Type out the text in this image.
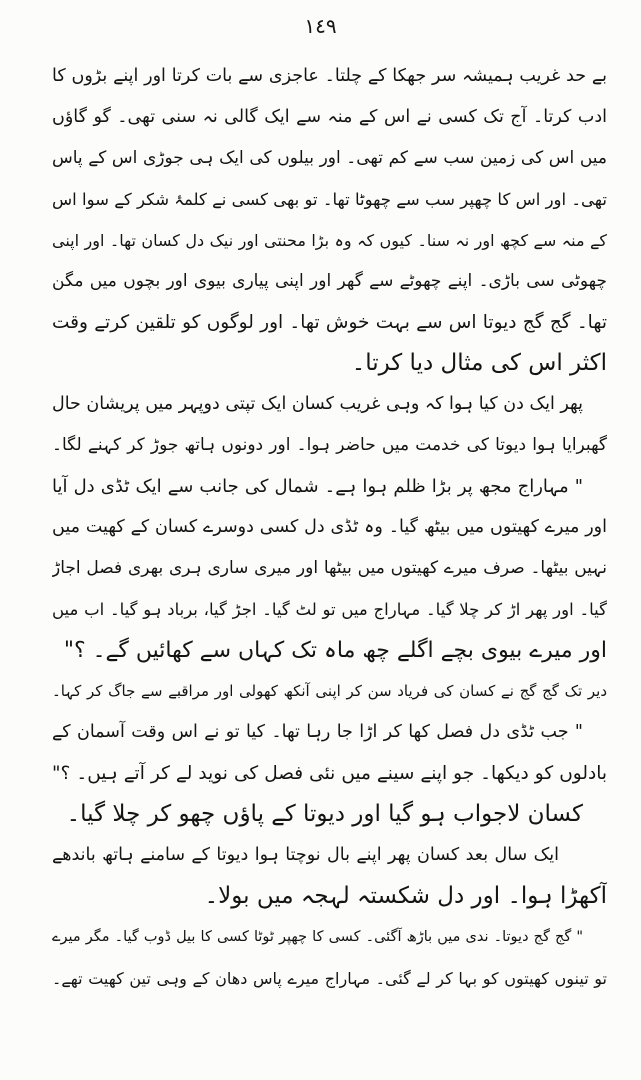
١٤٩
بے حد غریب ہمیشہ سر جھکا کے چلتا۔ عاجزی سے بات کرتا اور اپنے بڑوں کا
ادب کرتا۔ آج تک کسی نے اس کے منہ سے ایک گالی نہ سنی تھی۔ گو گاؤں
میں اس کی زمین سب سے کم تھی۔ اور بیلوں کی ایک ہی جوڑی اس کے پاس
تھی۔ اور اس کا چھپر سب سے چھوٹا تھا۔ تو بھی کسی نے کلمۂ شکر کے سوا اس
کے منہ سے کچھ اور نہ سنا۔ کیوں کہ وہ بڑا محنتی اور نیک دل کسان تھا۔ اور اپنی
چھوٹی سی باڑی۔ اپنے چھوٹے سے گھر اور اپنی پیاری بیوی اور بچوں میں مگن
تھا۔ گج گج دیوتا اس سے بہت خوش تھا۔ اور لوگوں کو تلقین کرتے وقت
اکثر اس کی مثال دیا کرتا۔
پھر ایک دن کیا ہوا کہ وہی غریب کسان ایک تپتی دوپہر میں پریشان حال
گھبرایا ہوا دیوتا کی خدمت میں حاضر ہوا۔ اور دونوں ہاتھ جوڑ کر کہنے لگا۔
" مہاراج مجھ پر بڑا ظلم ہوا ہے۔ شمال کی جانب سے ایک ٹڈی دل آیا
اور میرے کھیتوں میں بیٹھ گیا۔ وہ ٹڈی دل کسی دوسرے کسان کے کھیت میں
نہیں بیٹھا۔ صرف میرے کھیتوں میں بیٹھا اور میری ساری ہری بھری فصل اجاڑ
گیا۔ اور پھر اڑ کر چلا گیا۔ مہاراج میں تو لٹ گیا۔ اجڑ گیا، برباد ہو گیا۔ اب میں
اور میرے بیوی بچے اگلے چھ ماہ تک کہاں سے کھائیں گے۔ ؟"
دیر تک گج گج نے کسان کی فریاد سن کر اپنی آنکھ کھولی اور مراقبے سے جاگ کر کہا۔
" جب ٹڈی دل فصل کھا کر اڑا جا رہا تھا۔ کیا تو نے اس وقت آسمان کے
بادلوں کو دیکھا۔ جو اپنے سینے میں نئی فصل کی نوید لے کر آتے ہیں۔ ؟"
کسان لاجواب ہو گیا اور دیوتا کے پاؤں چھو کر چلا گیا۔
ایک سال بعد کسان پھر اپنے بال نوچتا ہوا دیوتا کے سامنے ہاتھ باندھے
آکھڑا ہوا۔ اور دل شکستہ لہجہ میں بولا۔
" گج گج دیوتا۔ ندی میں باڑھ آگئی۔ کسی کا چھپر ٹوٹا کسی کا بیل ڈوب گیا۔ مگر میرے
تو تینوں کھیتوں کو بہا کر لے گئی۔ مہاراج میرے پاس دھان کے وہی تین کھیت تھے۔
